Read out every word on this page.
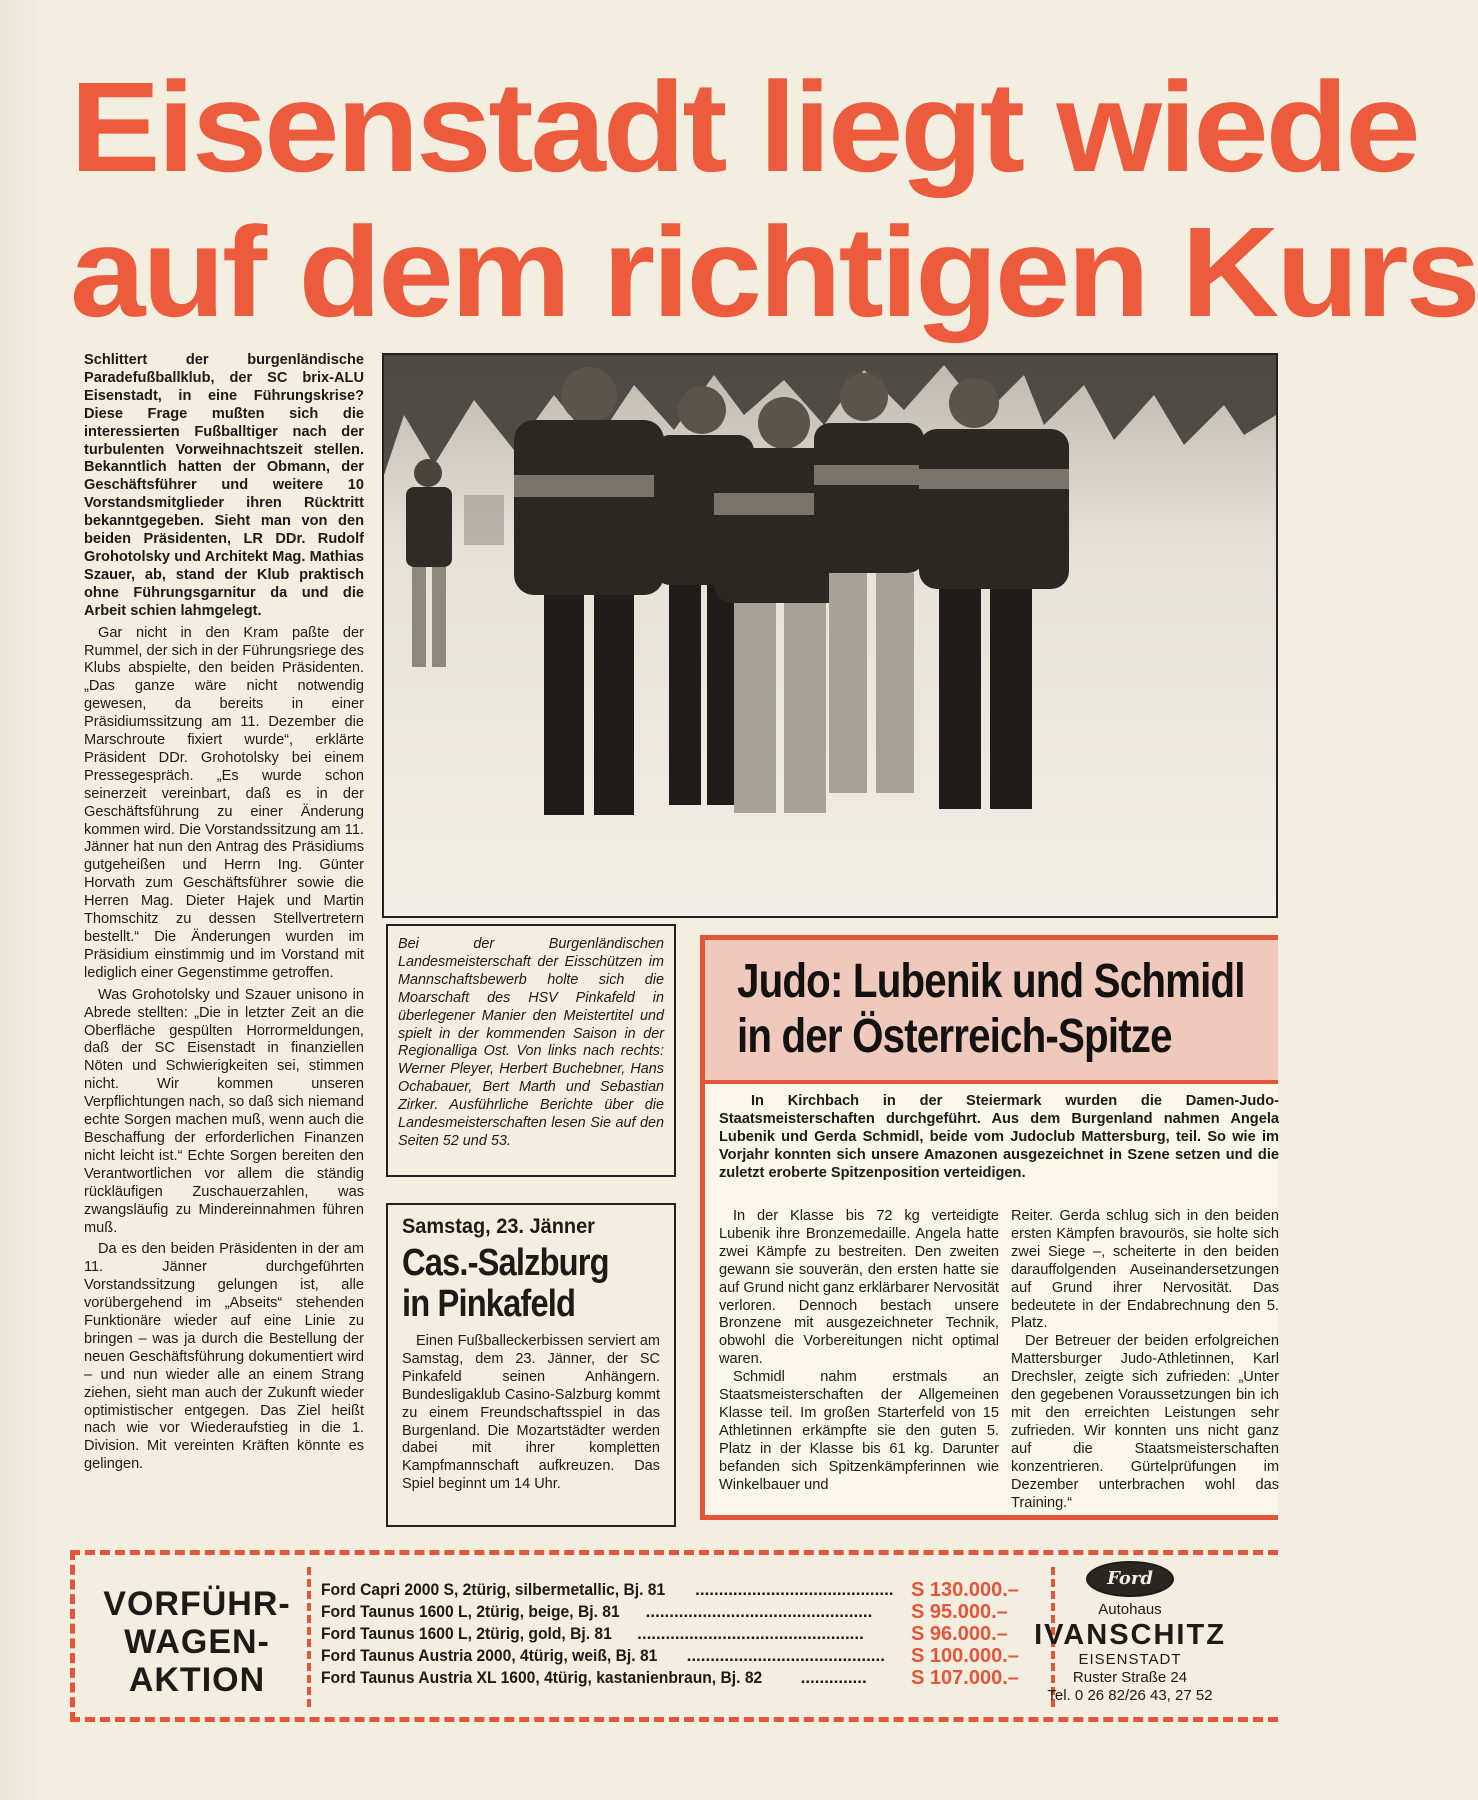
Eisenstadt liegt wiede
auf dem richtigen Kurs

Schlittert der burgenländische Paradefußballklub, der SC brix-ALU Eisenstadt, in eine Führungskrise? Diese Frage mußten sich die interessierten Fußballtiger nach der turbulenten Vorweihnachtszeit stellen. Bekanntlich hatten der Obmann, der Geschäftsführer und weitere 10 Vorstandsmitglieder ihren Rücktritt bekanntgegeben. Sieht man von den beiden Präsidenten, LR DDr. Rudolf Grohotolsky und Architekt Mag. Mathias Szauer, ab, stand der Klub praktisch ohne Führungsgarnitur da und die Arbeit schien lahmgelegt.

Gar nicht in den Kram paßte der Rummel, der sich in der Führungsriege des Klubs abspielte, den beiden Präsidenten. „Das ganze wäre nicht notwendig gewesen, da bereits in einer Präsidiumssitzung am 11. Dezember die Marschroute fixiert wurde“, erklärte Präsident DDr. Grohotolsky bei einem Pressegespräch. „Es wurde schon seinerzeit vereinbart, daß es in der Geschäftsführung zu einer Änderung kommen wird. Die Vorstandssitzung am 11. Jänner hat nun den Antrag des Präsidiums gutgeheißen und Herrn Ing. Günter Horvath zum Geschäftsführer sowie die Herren Mag. Dieter Hajek und Martin Thomschitz zu dessen Stellvertretern bestellt.“ Die Änderungen wurden im Präsidium einstimmig und im Vorstand mit lediglich einer Gegenstimme getroffen.

Was Grohotolsky und Szauer unisono in Abrede stellten: „Die in letzter Zeit an die Oberfläche gespülten Horrormeldungen, daß der SC Eisenstadt in finanziellen Nöten und Schwierigkeiten sei, stimmen nicht. Wir kommen unseren Verpflichtungen nach, so daß sich niemand echte Sorgen machen muß, wenn auch die Beschaffung der erforderlichen Finanzen nicht leicht ist.“ Echte Sorgen bereiten den Verantwortlichen vor allem die ständig rückläufigen Zuschauerzahlen, was zwangsläufig zu Mindereinnahmen führen muß.

Da es den beiden Präsidenten in der am 11. Jänner durchgeführten Vorstandssitzung gelungen ist, alle vorübergehend im „Abseits“ stehenden Funktionäre wieder auf eine Linie zu bringen – was ja durch die Bestellung der neuen Geschäftsführung dokumentiert wird – und nun wieder alle an einem Strang ziehen, sieht man auch der Zukunft wieder optimistischer entgegen. Das Ziel heißt nach wie vor Wiederaufstieg in die 1. Division. Mit vereinten Kräften könnte es gelingen.

Bei der Burgenländischen Landesmeisterschaft der Eisschützen im Mannschaftsbewerb holte sich die Moarschaft des HSV Pinkafeld in überlegener Manier den Meistertitel und spielt in der kommenden Saison in der Regionalliga Ost. Von links nach rechts: Werner Pleyer, Herbert Buchebner, Hans Ochabauer, Bert Marth und Sebastian Zirker. Ausführliche Berichte über die Landesmeisterschaften lesen Sie auf den Seiten 52 und 53.
Samstag, 23. Jänner
Cas.-Salzburg
in Pinkafeld
Einen Fußballeckerbissen serviert am Samstag, dem 23. Jänner, der SC Pinkafeld seinen Anhängern. Bundesligaklub Casino-Salzburg kommt zu einem Freundschaftsspiel in das Burgenland. Die Mozartstädter werden dabei mit ihrer kompletten Kampfmannschaft aufkreuzen. Das Spiel beginnt um 14 Uhr.
Judo: Lubenik und Schmidl
in der Österreich-Spitze
In Kirchbach in der Steiermark wurden die Damen-Judo-Staatsmeisterschaften durchgeführt. Aus dem Burgenland nahmen Angela Lubenik und Gerda Schmidl, beide vom Judoclub Mattersburg, teil. So wie im Vorjahr konnten sich unsere Amazonen ausgezeichnet in Szene setzen und die zuletzt eroberte Spitzenposition verteidigen.

In der Klasse bis 72 kg verteidigte Lubenik ihre Bronzemedaille. Angela hatte zwei Kämpfe zu bestreiten. Den zweiten gewann sie souverän, den ersten hatte sie auf Grund nicht ganz erklärbarer Nervosität verloren. Dennoch bestach unsere Bronzene mit ausgezeichneter Technik, obwohl die Vorbereitungen nicht optimal waren.

Schmidl nahm erstmals an Staatsmeisterschaften der Allgemeinen Klasse teil. Im großen Starterfeld von 15 Athletinnen erkämpfte sie den guten 5. Platz in der Klasse bis 61 kg. Darunter befanden sich Spitzenkämpferinnen wie Winkelbauer und

Reiter. Gerda schlug sich in den beiden ersten Kämpfen bravourös, sie holte sich zwei Siege –, scheiterte in den beiden darauffolgenden Auseinandersetzungen auf Grund ihrer Nervosität. Das bedeutete in der Endabrechnung den 5. Platz.

Der Betreuer der beiden erfolgreichen Mattersburger Judo-Athletinnen, Karl Drechsler, zeigte sich zufrieden: „Unter den gegebenen Voraussetzungen bin ich mit den erreichten Leistungen sehr zufrieden. Wir konnten uns nicht ganz auf die Staatsmeisterschaften konzentrieren. Gürtelprüfungen im Dezember unterbrachen wohl das Training.“

VORFÜHR-
WAGEN-
AKTION
Ford Capri 2000 S, 2türig, silbermetallic, Bj. 81 .......................................... S 130.000.–
Ford Taunus 1600 L, 2türig, beige, Bj. 81 ................................................	S 95.000.–
Ford Taunus 1600 L, 2türig, gold, Bj. 81 ................................................	S 96.000.–
Ford Taunus Austria 2000, 4türig, weiß, Bj. 81 ..........................................	S 100.000.–
Ford Taunus Austria XL 1600, 4türig, kastanienbraun, Bj. 82 ..............	S 107.000.–
Ford
Autohaus
IVANSCHITZ
EISENSTADT
Ruster Straße 24
Tel. 0 26 82/26 43, 27 52
